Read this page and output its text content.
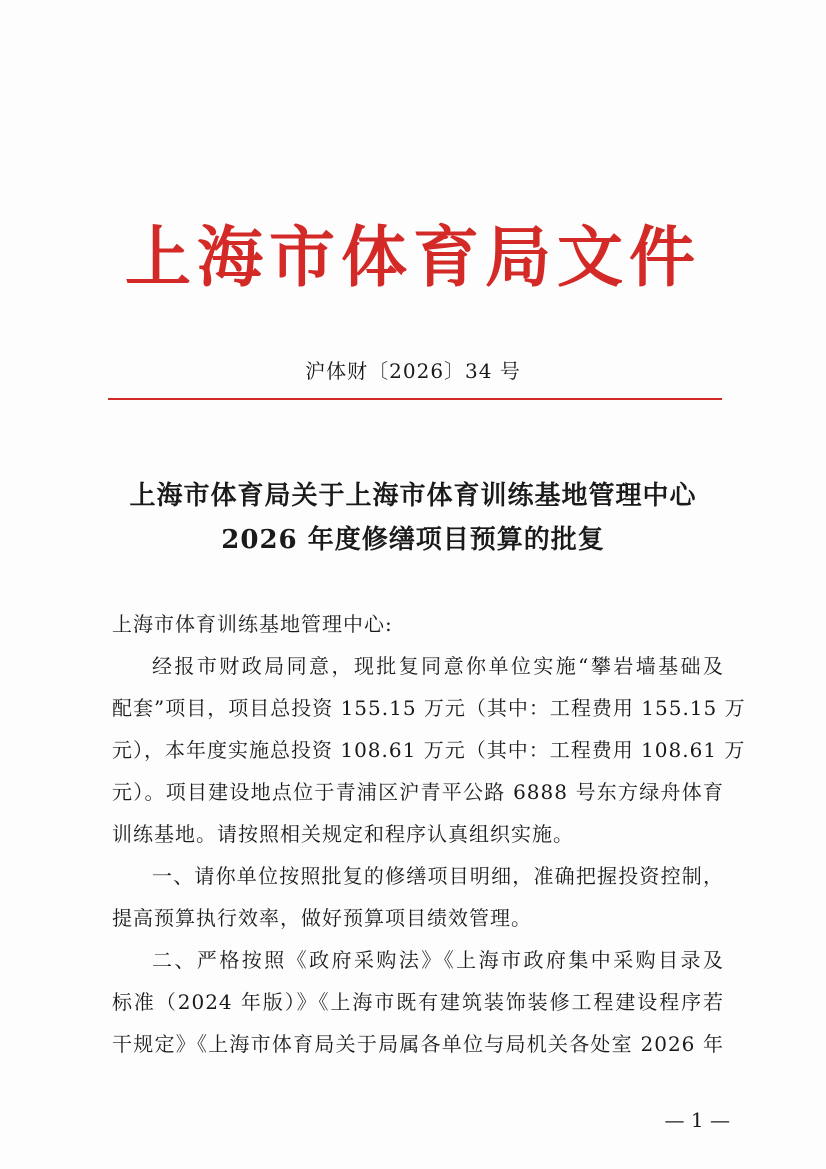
上海市体育局文件
沪体财〔2026〕34 号
上海市体育局关于上海市体育训练基地管理中心
2026 年度修缮项目预算的批复

上海市体育训练基地管理中心:

经报市财政局同意，现批复同意你单位实施“攀岩墙基础及
配套”项目，项目总投资 155.15 万元（其中：工程费用 155.15 万
元），本年度实施总投资 108.61 万元（其中：工程费用 108.61 万
元）。项目建设地点位于青浦区沪青平公路 6888 号东方绿舟体育
训练基地。请按照相关规定和程序认真组织实施。

一、请你单位按照批复的修缮项目明细，准确把握投资控制，
提高预算执行效率，做好预算项目绩效管理。

二、严格按照《政府采购法》《上海市政府集中采购目录及
标准（2024 年版）》《上海市既有建筑装饰装修工程建设程序若
干规定》《上海市体育局关于局属各单位与局机关各处室 2026 年

— 1 —
